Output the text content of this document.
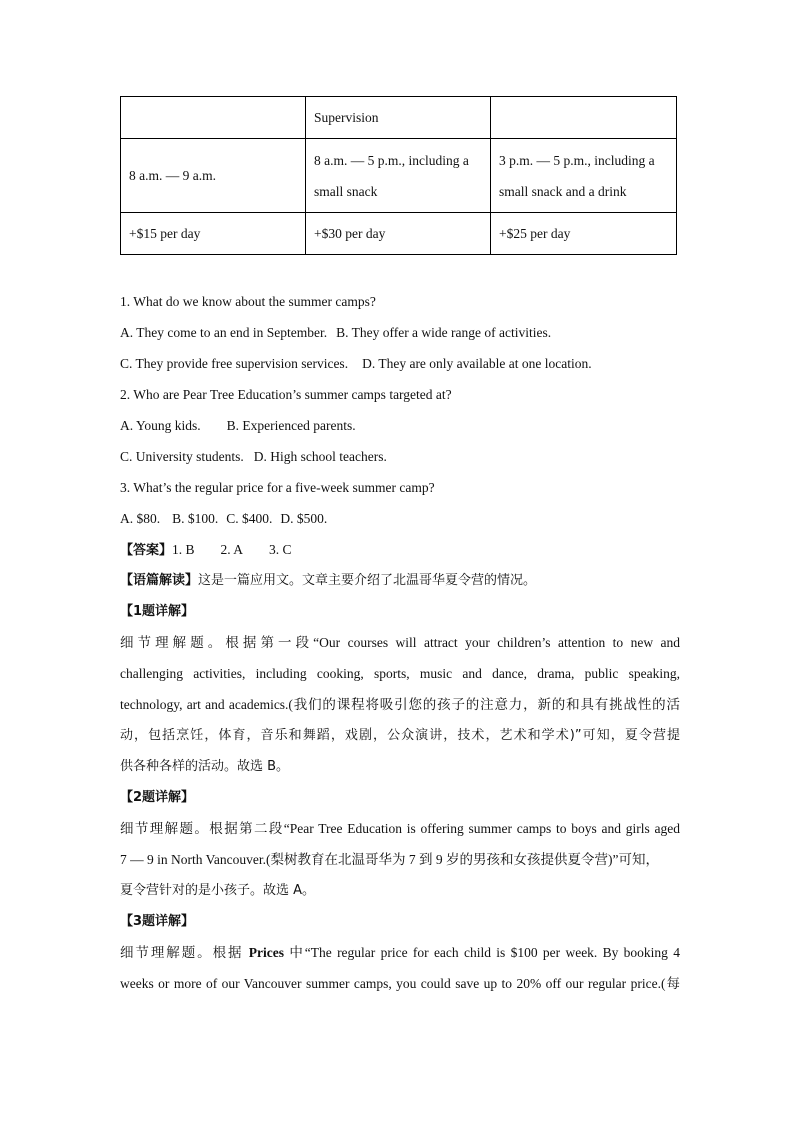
	Supervision	
8 a.m. — 9 a.m.	8 a.m. — 5 p.m., including a small snack	3 p.m. — 5 p.m., including a small snack and a drink
+$15 per day	+$30 per day	+$25 per day
1. What do we know about the summer camps?
A. They come to an end in September. B. They offer a wide range of activities.
C. They provide free supervision services. D. They are only available at one location.
2. Who are Pear Tree Education’s summer camps targeted at?
A. Young kids. B. Experienced parents.
C. University students. D. High school teachers.
3. What’s the regular price for a five-week summer camp?
A. $80. B. $100. C. $400. D. $500.
【答案】1. B 2. A 3. C
【语篇解读】这是一篇应用文。文章主要介绍了北温哥华夏令营的情况。
【1题详解】
细节理解题。根据第一段“Our courses will attract your children’s attention to new and
challenging activities, including cooking, sports, music and dance, drama, public speaking,
technology, art and academics.(我们的课程将吸引您的孩子的注意力，新的和具有挑战性的活
动，包括烹饪，体育，音乐和舞蹈，戏剧，公众演讲，技术，艺术和学术)”可知，夏令营提
供各种各样的活动。故选 B。
【2题详解】
细节理解题。根据第二段“Pear Tree Education is offering summer camps to boys and girls aged
7 — 9 in North Vancouver.(梨树教育在北温哥华为 7 到 9 岁的男孩和女孩提供夏令营)”可知，
夏令营针对的是小孩子。故选 A。
【3题详解】
细节理解题。根据 Prices 中“The regular price for each child is $100 per week. By booking 4
weeks or more of our Vancouver summer camps, you could save up to 20% off our regular price.(每
